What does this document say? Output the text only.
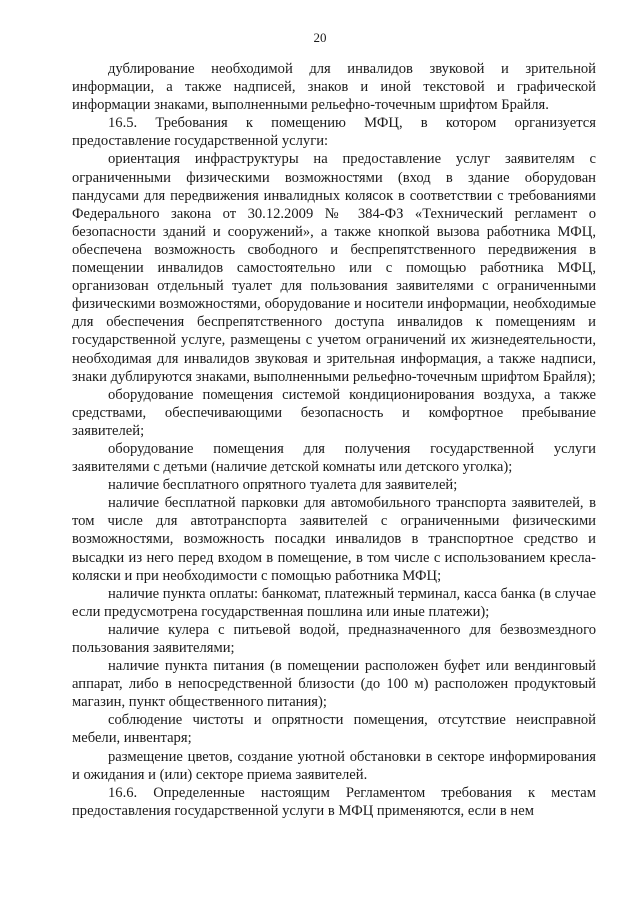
20

дублирование необходимой для инвалидов звуковой и зрительной информации, а также надписей, знаков и иной текстовой и графической информации знаками, выполненными рельефно-точечным шрифтом Брайля.

16.5. Требования к помещению МФЦ, в котором организуется предоставление государственной услуги:

ориентация инфраструктуры на предоставление услуг заявителям с ограниченными физическими возможностями (вход в здание оборудован пандусами для передвижения инвалидных колясок в соответствии с требованиями Федерального закона от 30.12.2009 № 384-ФЗ «Технический регламент о безопасности зданий и сооружений», а также кнопкой вызова работника МФЦ, обеспечена возможность свободного и беспрепятственного передвижения в помещении инвалидов самостоятельно или с помощью работника МФЦ, организован отдельный туалет для пользования заявителями с ограниченными физическими возможностями, оборудование и носители информации, необходимые для обеспечения беспрепятственного доступа инвалидов к помещениям и государственной услуге, размещены с учетом ограничений их жизнедеятельности, необходимая для инвалидов звуковая и зрительная информация, а также надписи, знаки дублируются знаками, выполненными рельефно-точечным шрифтом Брайля);

оборудование помещения системой кондиционирования воздуха, а также средствами, обеспечивающими безопасность и комфортное пребывание заявителей;

оборудование помещения для получения государственной услуги заявителями с детьми (наличие детской комнаты или детского уголка);

наличие бесплатного опрятного туалета для заявителей;

наличие бесплатной парковки для автомобильного транспорта заявителей, в том числе для автотранспорта заявителей с ограниченными физическими возможностями, возможность посадки инвалидов в транспортное средство и высадки из него перед входом в помещение, в том числе с использованием кресла-коляски и при необходимости с помощью работника МФЦ;

наличие пункта оплаты: банкомат, платежный терминал, касса банка (в случае если предусмотрена государственная пошлина или иные платежи);

наличие кулера с питьевой водой, предназначенного для безвозмездного пользования заявителями;

наличие пункта питания (в помещении расположен буфет или вендинговый аппарат, либо в непосредственной близости (до 100 м) расположен продуктовый магазин, пункт общественного питания);

соблюдение чистоты и опрятности помещения, отсутствие неисправной мебели, инвентаря;

размещение цветов, создание уютной обстановки в секторе информирования и ожидания и (или) секторе приема заявителей.

16.6. Определенные настоящим Регламентом требования к местам предоставления государственной услуги в МФЦ применяются, если в нем
